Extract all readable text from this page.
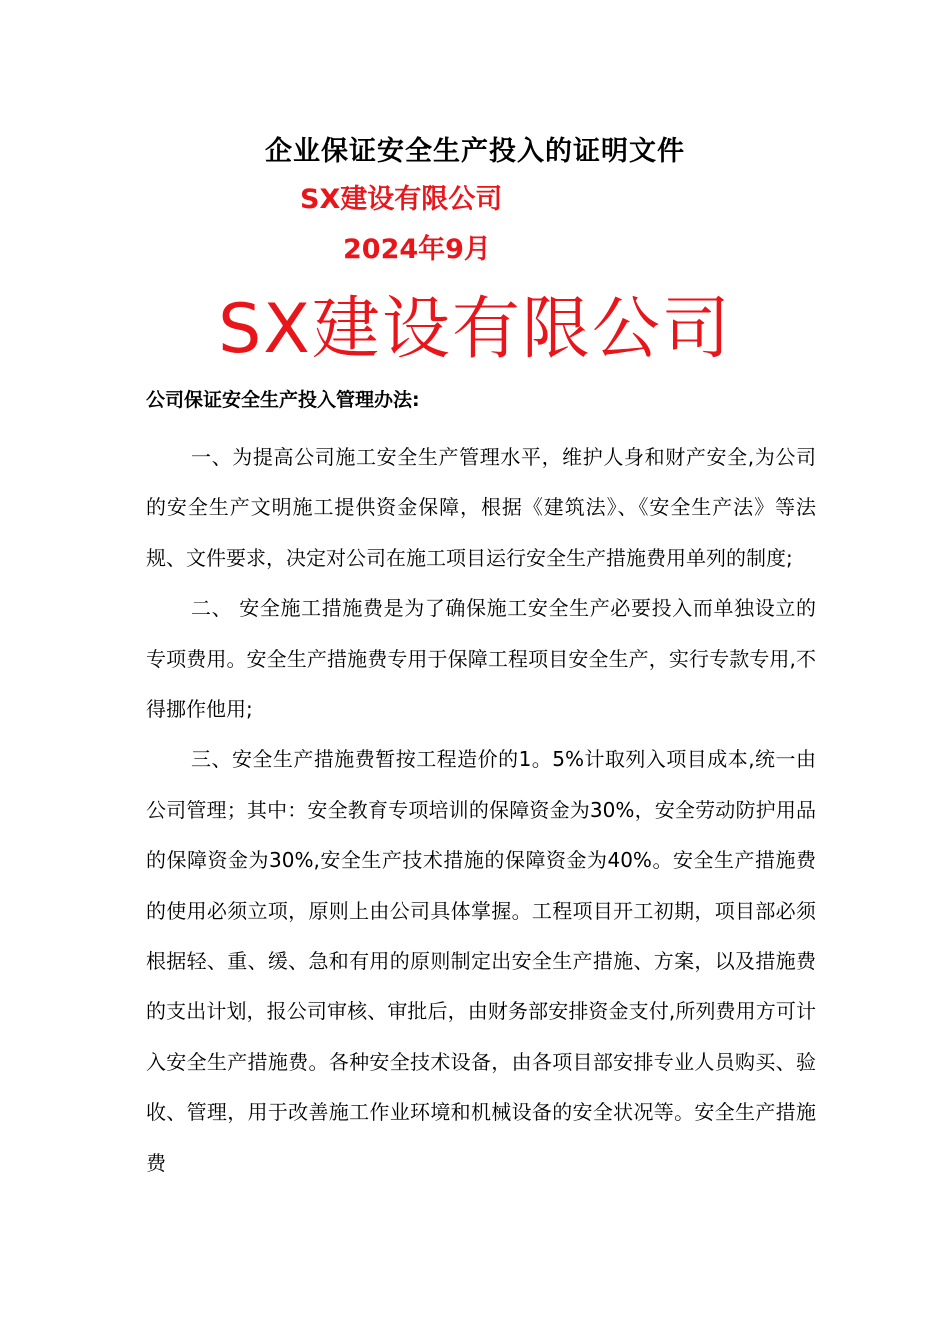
企业保证安全生产投入的证明文件
SX建设有限公司
2024年9月
SX建设有限公司
公司保证安全生产投入管理办法:

一、为提高公司施工安全生产管理水平，维护人身和财产安全,为公司的安全生产文明施工提供资金保障，根据《建筑法》、《安全生产法》等法规、文件要求，决定对公司在施工项目运行安全生产措施费用单列的制度;

二、 安全施工措施费是为了确保施工安全生产必要投入而单独设立的专项费用。安全生产措施费专用于保障工程项目安全生产，实行专款专用,不得挪作他用;

三、安全生产措施费暂按工程造价的1。5%计取列入项目成本,统一由公司管理；其中：安全教育专项培训的保障资金为30%，安全劳动防护用品的保障资金为30%,安全生产技术措施的保障资金为40%。安全生产措施费的使用必须立项，原则上由公司具体掌握。工程项目开工初期，项目部必须根据轻、重、缓、急和有用的原则制定出安全生产措施、方案，以及措施费的支出计划，报公司审核、审批后，由财务部安排资金支付,所列费用方可计入安全生产措施费。各种安全技术设备，由各项目部安排专业人员购买、验收、管理，用于改善施工作业环境和机械设备的安全状况等。安全生产措施费
